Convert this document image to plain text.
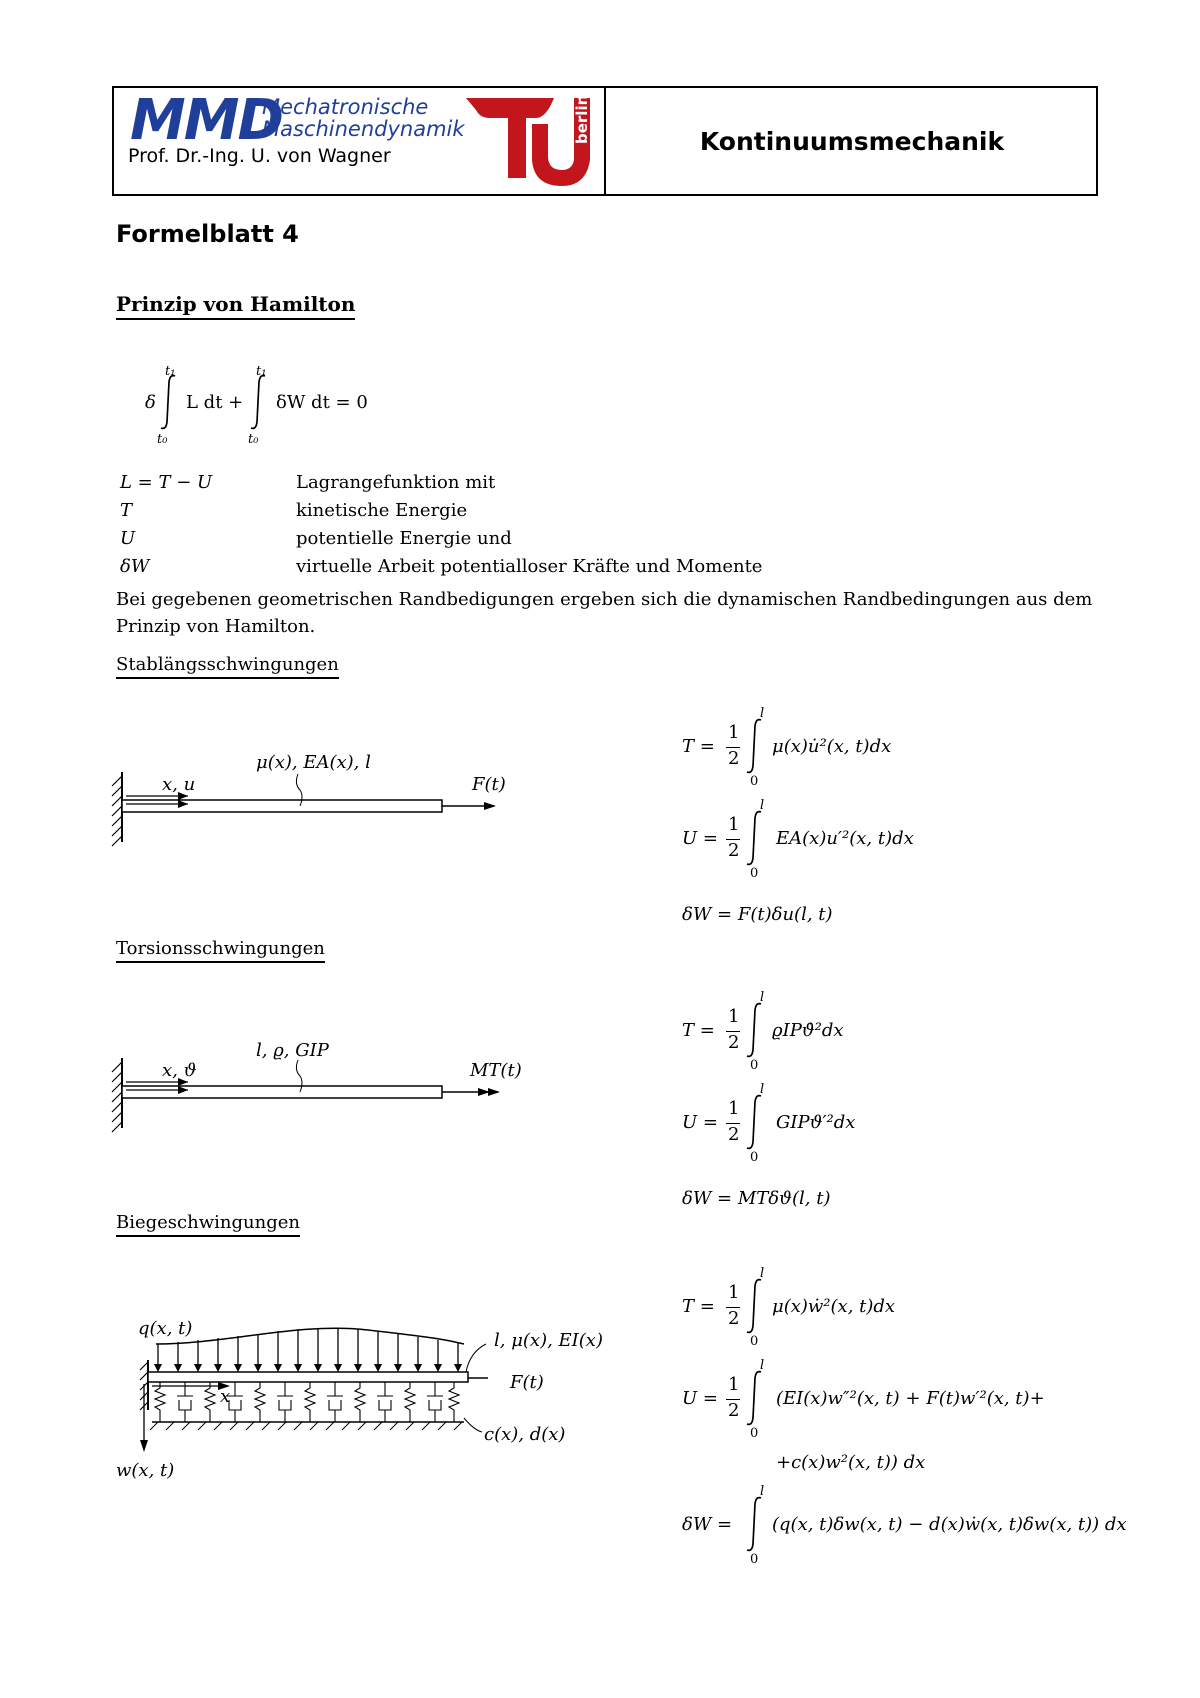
MMD
Mechatronische
Maschinendynamik
Prof. Dr.-Ing. U. von Wagner
berlin	Kontinuumsmechanik
Formelblatt 4
Prinzip von Hamilton
δ
t₁
t₀
L dt +
t₁
t₀
δW dt = 0
L = T − U	Lagrangefunktion mit
T	kinetische Energie
U	potentielle Energie und
δW	virtuelle Arbeit potentialloser Kräfte und Momente
Bei gegebenen geometrischen Randbedigungen ergeben sich die dynamischen Randbedingungen aus dem Prinzip von Hamilton.
Stablängsschwingungen
x, u
μ(x), EA(x), l
F(t)
T =
1
2
l
0
μ(x)u̇²(x, t)dx
U =
1
2
l
0
EA(x)u′²(x, t)dx
δW = F(t)δu(l, t)
Torsionsschwingungen
x, ϑ
l, ϱ, GIP
MT(t)
T =
1
2
l
0
ϱIPϑ̇²dx
U =
1
2
l
0
GIPϑ′²dx
δW = MTδϑ(l, t)
Biegeschwingungen
q(x, t)
l, μ(x), EI(x)
F(t)
x
c(x), d(x)
w(x, t)
T =
1
2
l
0
μ(x)ẇ²(x, t)dx
U =
1
2
l
0
(EI(x)w″²(x, t) + F(t)w′²(x, t)+
+c(x)w²(x, t)) dx
δW =
l
0
(q(x, t)δw(x, t) − d(x)ẇ(x, t)δw(x, t)) dx
